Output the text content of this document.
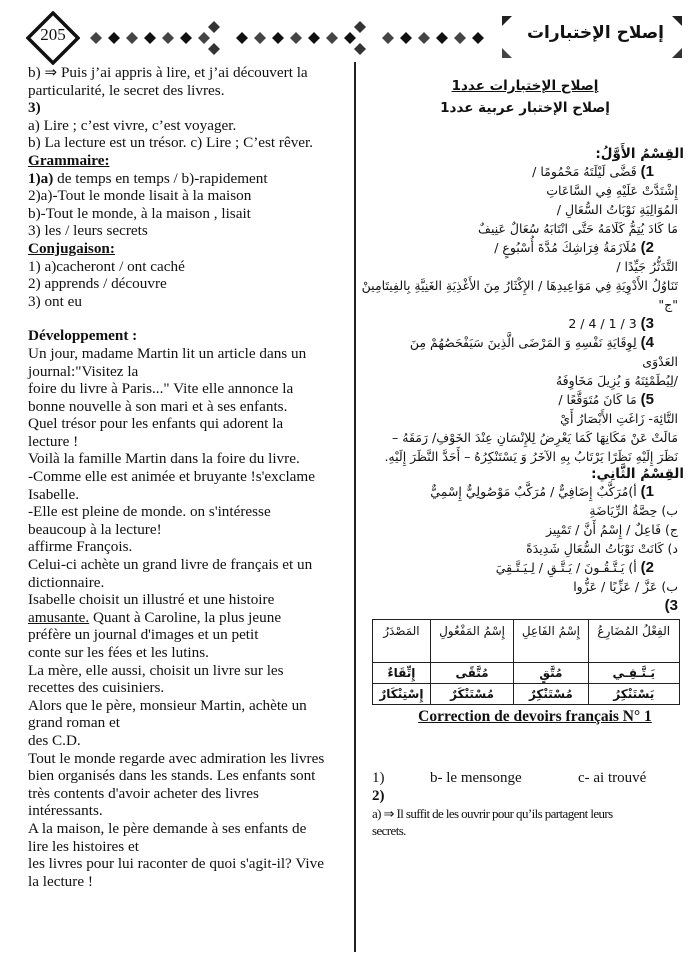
205	إصلاح الإختبارات
b) ⇒ Puis j’ai appris à lire, et j’ai découvert la
particularité, le secret des livres.
3)
a) Lire ; c’est vivre, c’est voyager.
b) La lecture est un trésor. c) Lire ; C’est rêver.
Grammaire:
1)a) de temps en temps / b)-rapidement
2)a)-Tout le monde lisait à la maison
b)-Tout le monde, à la maison , lisait
3) les / leurs secrets
Conjugaison:
1) a)cacheront / ont caché
2) apprends / découvre
3) ont eu
Développement :
Un jour, madame Martin lit un article dans un
journal:"Visitez la
foire du livre à Paris..." Vite elle annonce la
bonne nouvelle à son mari et à ses enfants.
Quel trésor pour les enfants qui adorent la
lecture !
Voilà la famille Martin dans la foire du livre.
-Comme elle est animée et bruyante !s'exclame
Isabelle.
-Elle est pleine de monde. on s'intéresse
beaucoup à la lecture!
affirme François.
Celui-ci achète un grand livre de français et un
dictionnaire.
Isabelle choisit un illustré et une histoire
amusante. Quant à Caroline, la plus jeune
préfère un journal d'images et un petit
conte sur les fées et les lutins.
La mère, elle aussi, choisit un livre sur les
recettes des cuisiniers.
Alors que le père, monsieur Martin, achète un
grand roman et
des C.D.
Tout le monde regarde avec admiration les livres
bien organisés dans les stands. Les enfants sont
très contents d'avoir acheter des livres
intéressants.
A la maison, le père demande à ses enfants de
lire les histoires et
les livres pour lui raconter de quoi s'agit-il? Vive
la lecture !
إصلاح الإختبارات عدد1
إصلاح الإختبار عربية عدد1
القِسْمُ الأَوَّلُ:
1) قَضَّى لَيْلَتَهُ مَحْمُومًا /
إِشْتَدَّتْ عَلَيْهِ فِي السَّاعَاتِ
المُوَالِيَةِ نَوْبَاتُ السُّعَالِ /
مَا كَادَ يُتِمُّ كَلَامَهُ حَتَّى انْتَابَهُ سُعَالٌ عَنِيفٌ
2) مُلَازَمَةُ فِرَاشِكَ مُدَّةَ أُسْبُوعٍ /
التَّدَثُّرُ جَيِّدًا /
تَنَاوُلُ الأَدْوِيَةِ فِي مَوَاعِيدِهَا / الإِكْثَارُ مِنَ الأَغْذِيَةِ الغَنِيَّةِ بِالفِيتَامِينْ
"ج"
3) 3 / 1 / 4 / 2
4) لِوِقَايَةِ نَفْسِهِ وَ المَرْضَى الَّذِينَ سَيَفْحَصُهُمْ مِنَ
العَدْوَى
/لِيُطَمْئِنَهُ وَ يُزِيلَ مَخَاوِفَهُ
5) مَا كَانَ مُتَوَقَّعًا /
التَّائِهَ- زَاغَتِ الأَبْصَارُ أَيْ
مَالَتْ عَنْ مَكَانِهَا كَمَا يَعْرِضُ لِلإِنْسَانِ عِنْدَ الخَوْفِ/ رَمَقَهُ –
نَظَرَ إِلَيْهِ نَظَرًا يَرْتَابُ بِهِ الآخَرُ وَ يَسْتَنْكِرُهُ – أَحَدَّ النَّظَرَ إِلَيْهِ.
القِسْمُ الثَّانِي:
1) أ)مُرَكَّبٌ إِضَافِيٌّ / مُرَكَّبٌ مَوْصُولِيٌّ إِسْمِيٌّ
ب) حِصَّةُ الرِّيَاضَةِ
ج) فَاعِلٌ / إِسْمُ أَنَّ / تَمْيِيز
د) كَانَتْ نَوْبَاتُ السُّعَالِ شَدِيدَةً
2) أ) يَـتَّـقُـونَ / يَـتَّـقِ / لِـيَـتَّـقِيَ
ب) عَزَّ / عَزِّيًا / عَزُّوا
3)
الفِعْلُ المُضَارِعُ	إِسْمُ الفَاعِلِ	إِسْمُ المَفْعُولِ	المَصْدَرُ
يَـتَّـقِـي	مُتَّقٍ	مُتَّقًى	إِتِّقَاءٌ
يَسْتَنْكِرُ	مُسْتَنْكِرٌ	مُسْتَنْكَرٌ	إِسْتِنْكَارٌ
Correction de devoirs français N° 1
1)	b- le mensonge	c- ai trouvé
2)
a) ⇒ Il suffit de les ouvrir pour qu’ils partagent leurs
secrets.
